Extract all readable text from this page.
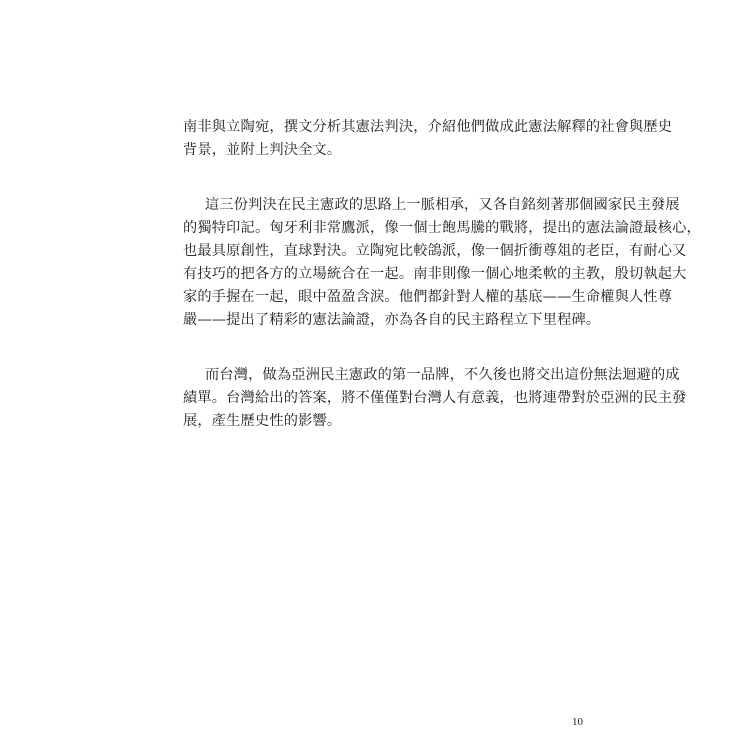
南非與立陶宛，撰文分析其憲法判決，介紹他們做成此憲法解釋的社會與歷史
背景，並附上判決全文。
這三份判決在民主憲政的思路上一脈相承，又各自銘刻著那個國家民主發展
的獨特印記。匈牙利非常鷹派，像一個士飽馬騰的戰將，提出的憲法論證最核心，
也最具原創性，直球對決。立陶宛比較鴿派，像一個折衝尊俎的老臣，有耐心又
有技巧的把各方的立場統合在一起。南非則像一個心地柔軟的主教，殷切執起大
家的手握在一起，眼中盈盈含淚。他們都針對人權的基底——生命權與人性尊
嚴——提出了精彩的憲法論證，亦為各自的民主路程立下里程碑。
而台灣，做為亞洲民主憲政的第一品牌，不久後也將交出這份無法迴避的成
績單。台灣給出的答案，將不僅僅對台灣人有意義，也將連帶對於亞洲的民主發
展，產生歷史性的影響。
10
